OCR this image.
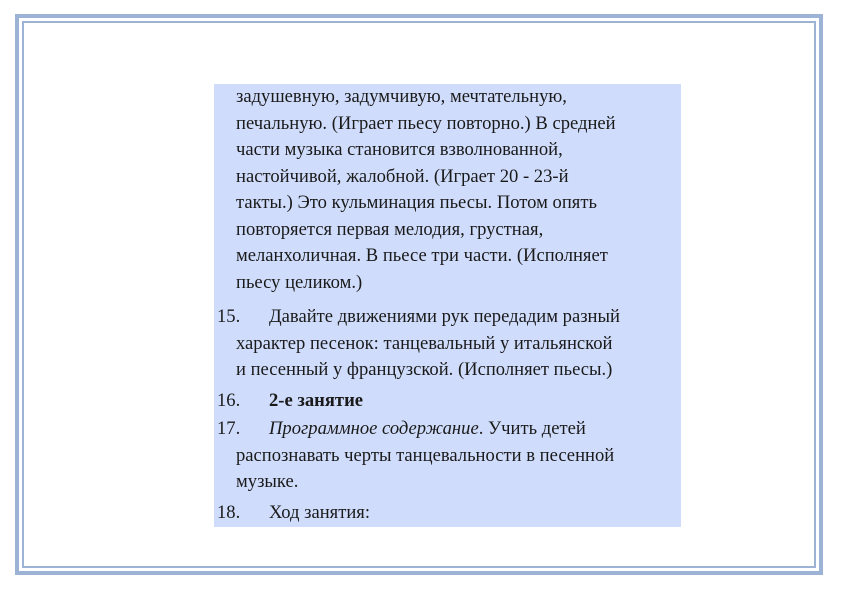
задушевную, задумчивую, мечтательную,
печальную. (Играет пьесу повторно.) В средней
части музыка становится взволнованной,
настойчивой, жалобной. (Играет 20 - 23-й
такты.) Это кульминация пьесы. Потом опять
повторяется первая мелодия, грустная,
меланхоличная. В пьесе три части. (Исполняет
пьесу целиком.)
15.	Давайте движениями рук передадим разный
характер песенок: танцевальный у итальянской
и песенный у французской. (Исполняет пьесы.)
16.	2-е занятие
17.	Программное содержание. Учить детей
распознавать черты танцевальности в песенной
музыке.
18.	Ход занятия:
